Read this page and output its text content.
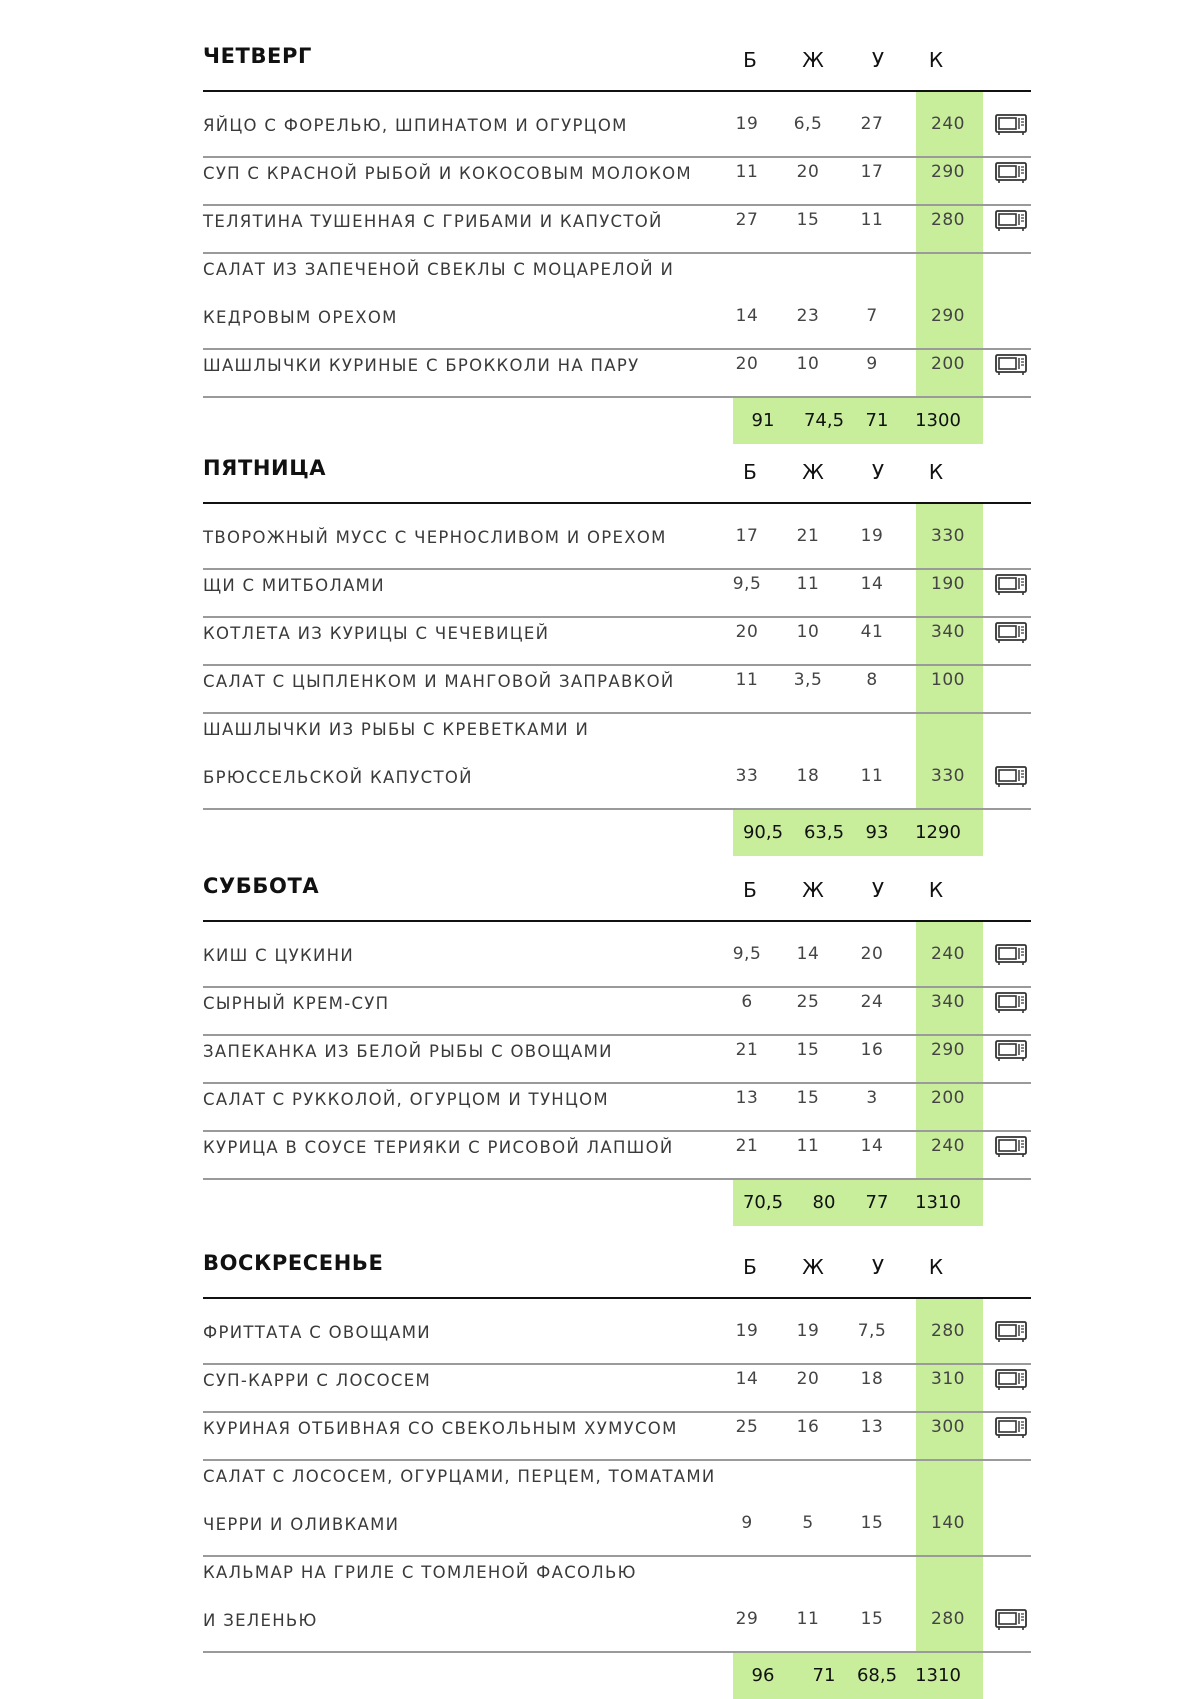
ЧЕТВЕРГ	Б	Ж	У	К
ЯЙЦО С ФОРЕЛЬЮ, ШПИНАТОМ И ОГУРЦОМ	19	6,5	27	240
СУП С КРАСНОЙ РЫБОЙ И КОКОСОВЫМ МОЛОКОМ	11	20	17	290
ТЕЛЯТИНА ТУШЕННАЯ С ГРИБАМИ И КАПУСТОЙ	27	15	11	280
САЛАТ ИЗ ЗАПЕЧЕНОЙ СВЕКЛЫ С МОЦАРЕЛОЙ И
КЕДРОВЫМ ОРЕХОМ	14	23	7	290
ШАШЛЫЧКИ КУРИНЫЕ С БРОККОЛИ НА ПАРУ	20	10	9	200
91	74,5	71	1300
ПЯТНИЦА	Б	Ж	У	К
ТВОРОЖНЫЙ МУСС С ЧЕРНОСЛИВОМ И ОРЕХОМ	17	21	19	330
ЩИ С МИТБОЛАМИ	9,5	11	14	190
КОТЛЕТА ИЗ КУРИЦЫ С ЧЕЧЕВИЦЕЙ	20	10	41	340
САЛАТ С ЦЫПЛЕНКОМ И МАНГОВОЙ ЗАПРАВКОЙ	11	3,5	8	100
ШАШЛЫЧКИ ИЗ РЫБЫ С КРЕВЕТКАМИ И
БРЮССЕЛЬСКОЙ КАПУСТОЙ	33	18	11	330
90,5	63,5	93	1290
СУББОТА	Б	Ж	У	К
КИШ С ЦУКИНИ	9,5	14	20	240
СЫРНЫЙ КРЕМ-СУП	6	25	24	340
ЗАПЕКАНКА ИЗ БЕЛОЙ РЫБЫ С ОВОЩАМИ	21	15	16	290
САЛАТ С РУККОЛОЙ, ОГУРЦОМ И ТУНЦОМ	13	15	3	200
КУРИЦА В СОУСЕ ТЕРИЯКИ С РИСОВОЙ ЛАПШОЙ	21	11	14	240
70,5	80	77	1310
ВОСКРЕСЕНЬЕ	Б	Ж	У	К
ФРИТТАТА С ОВОЩАМИ	19	19	7,5	280
СУП-КАРРИ С ЛОСОСЕМ	14	20	18	310
КУРИНАЯ ОТБИВНАЯ СО СВЕКОЛЬНЫМ ХУМУСОМ	25	16	13	300
САЛАТ С ЛОСОСЕМ, ОГУРЦАМИ, ПЕРЦЕМ, ТОМАТАМИ
ЧЕРРИ И ОЛИВКАМИ	9	5	15	140
КАЛЬМАР НА ГРИЛЕ С ТОМЛЕНОЙ ФАСОЛЬЮ
И ЗЕЛЕНЬЮ	29	11	15	280
96	71	68,5	1310
